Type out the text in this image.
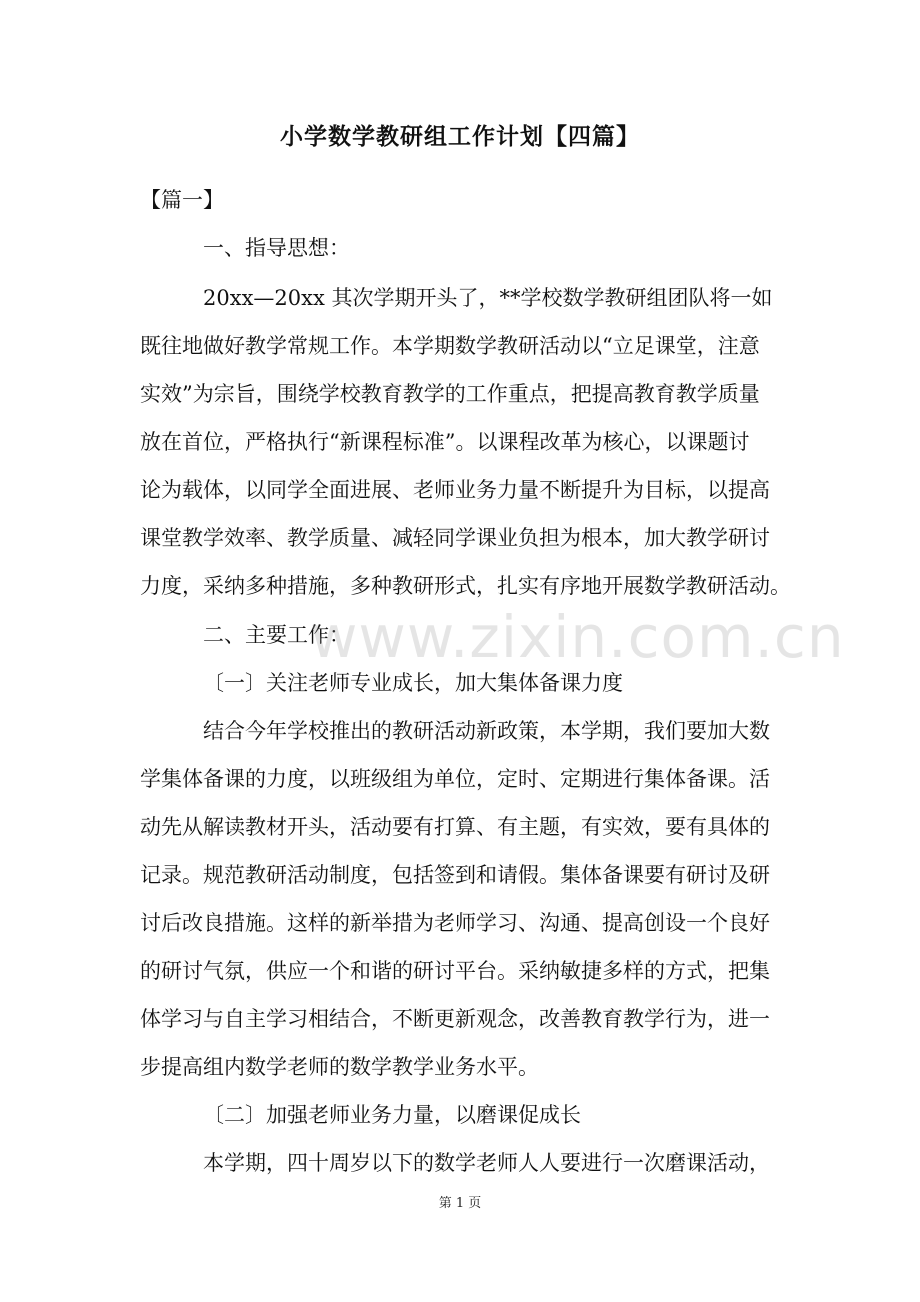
小学数学教研组工作计划【四篇】
【篇一】
一、指导思想：
20xx—20xx 其次学期开头了，**学校数学教研组团队将一如
既往地做好教学常规工作。本学期数学教研活动以“立足课堂，注意
实效”为宗旨，围绕学校教育教学的工作重点，把提高教育教学质量
放在首位，严格执行“新课程标准”。以课程改革为核心，以课题讨
论为载体，以同学全面进展、老师业务力量不断提升为目标，以提高
课堂教学效率、教学质量、减轻同学课业负担为根本，加大教学研讨
力度，采纳多种措施，多种教研形式，扎实有序地开展数学教研活动。
二、主要工作：
〔一〕关注老师专业成长，加大集体备课力度
结合今年学校推出的教研活动新政策，本学期，我们要加大数
学集体备课的力度，以班级组为单位，定时、定期进行集体备课。活
动先从解读教材开头，活动要有打算、有主题，有实效，要有具体的
记录。规范教研活动制度，包括签到和请假。集体备课要有研讨及研
讨后改良措施。这样的新举措为老师学习、沟通、提高创设一个良好
的研讨气氛，供应一个和谐的研讨平台。采纳敏捷多样的方式，把集
体学习与自主学习相结合，不断更新观念，改善教育教学行为，进一
步提高组内数学老师的数学教学业务水平。
〔二〕加强老师业务力量，以磨课促成长
本学期，四十周岁以下的数学老师人人要进行一次磨课活动，
www.zixin.com.cn
第 1 页
